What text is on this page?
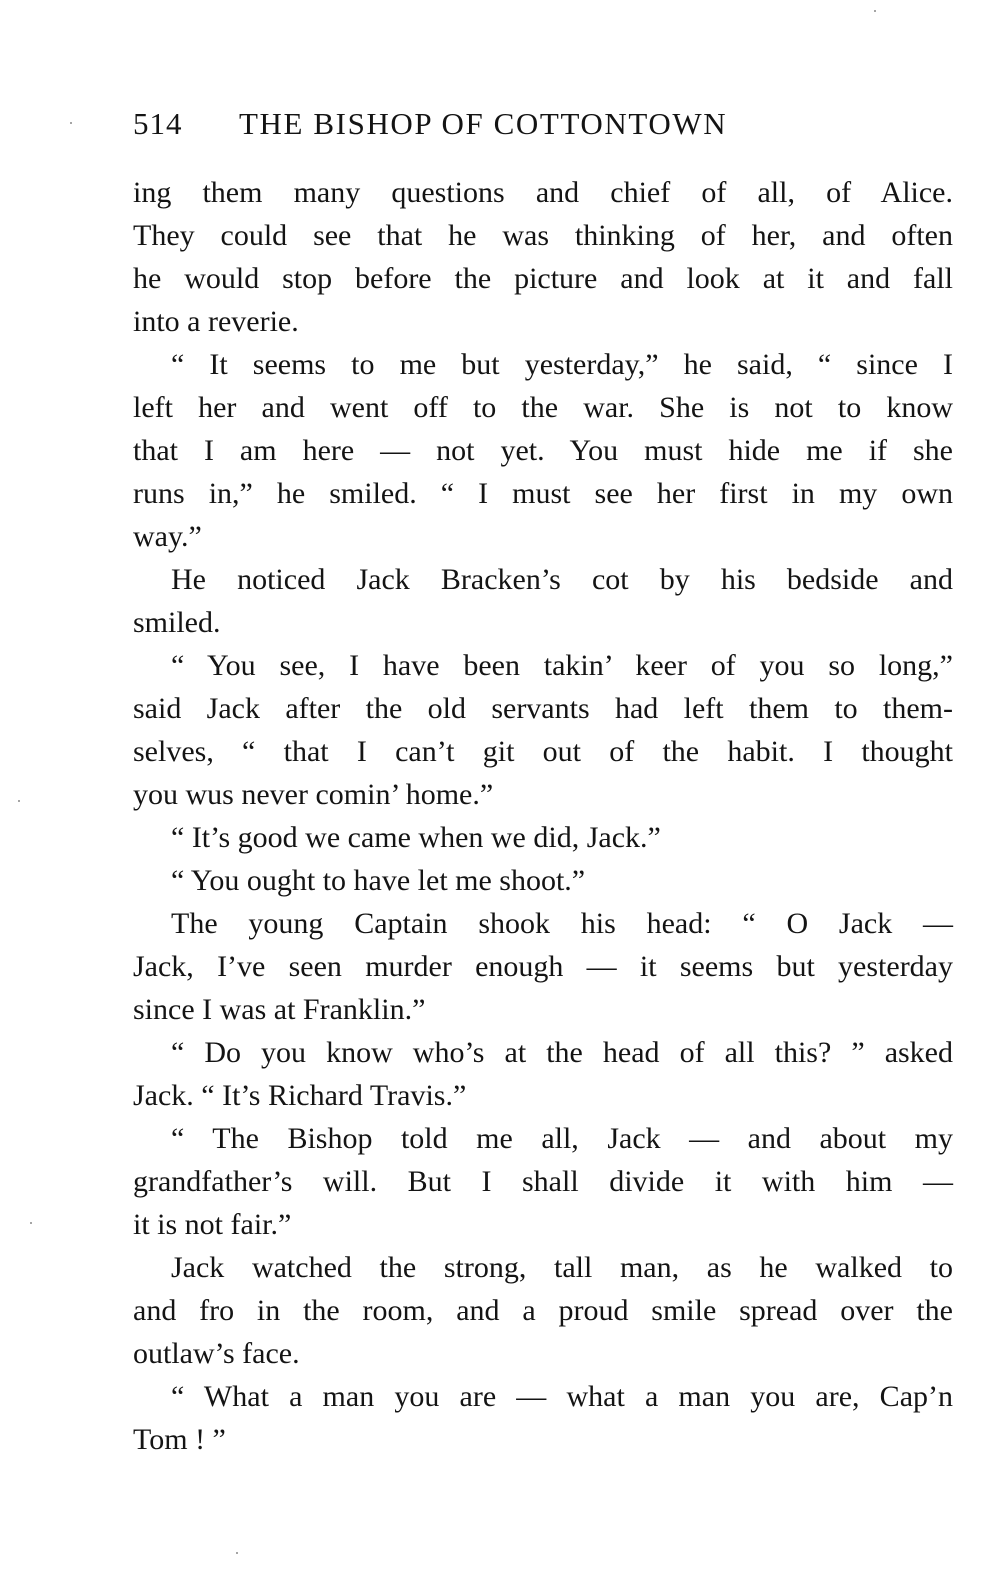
514 THE BISHOP OF COTTONTOWN
ing them many questions and chief of all, of Alice.
They could see that he was thinking of her, and often
he would stop before the picture and look at it and fall
into a reverie.
“ It seems to me but yesterday,” he said, “ since I
left her and went off to the war. She is not to know
that I am here — not yet. You must hide me if she
runs in,” he smiled. “ I must see her first in my own
way.”
He noticed Jack Bracken’s cot by his bedside and
smiled.
“ You see, I have been takin’ keer of you so long,”
said Jack after the old servants had left them to them-
selves, “ that I can’t git out of the habit. I thought
you wus never comin’ home.”
“ It’s good we came when we did, Jack.”
“ You ought to have let me shoot.”
The young Captain shook his head: “ O Jack —
Jack, I’ve seen murder enough — it seems but yesterday
since I was at Franklin.”
“ Do you know who’s at the head of all this? ” asked
Jack. “ It’s Richard Travis.”
“ The Bishop told me all, Jack — and about my
grandfather’s will. But I shall divide it with him —
it is not fair.”
Jack watched the strong, tall man, as he walked to
and fro in the room, and a proud smile spread over the
outlaw’s face.
“ What a man you are — what a man you are, Cap’n
Tom ! ”
